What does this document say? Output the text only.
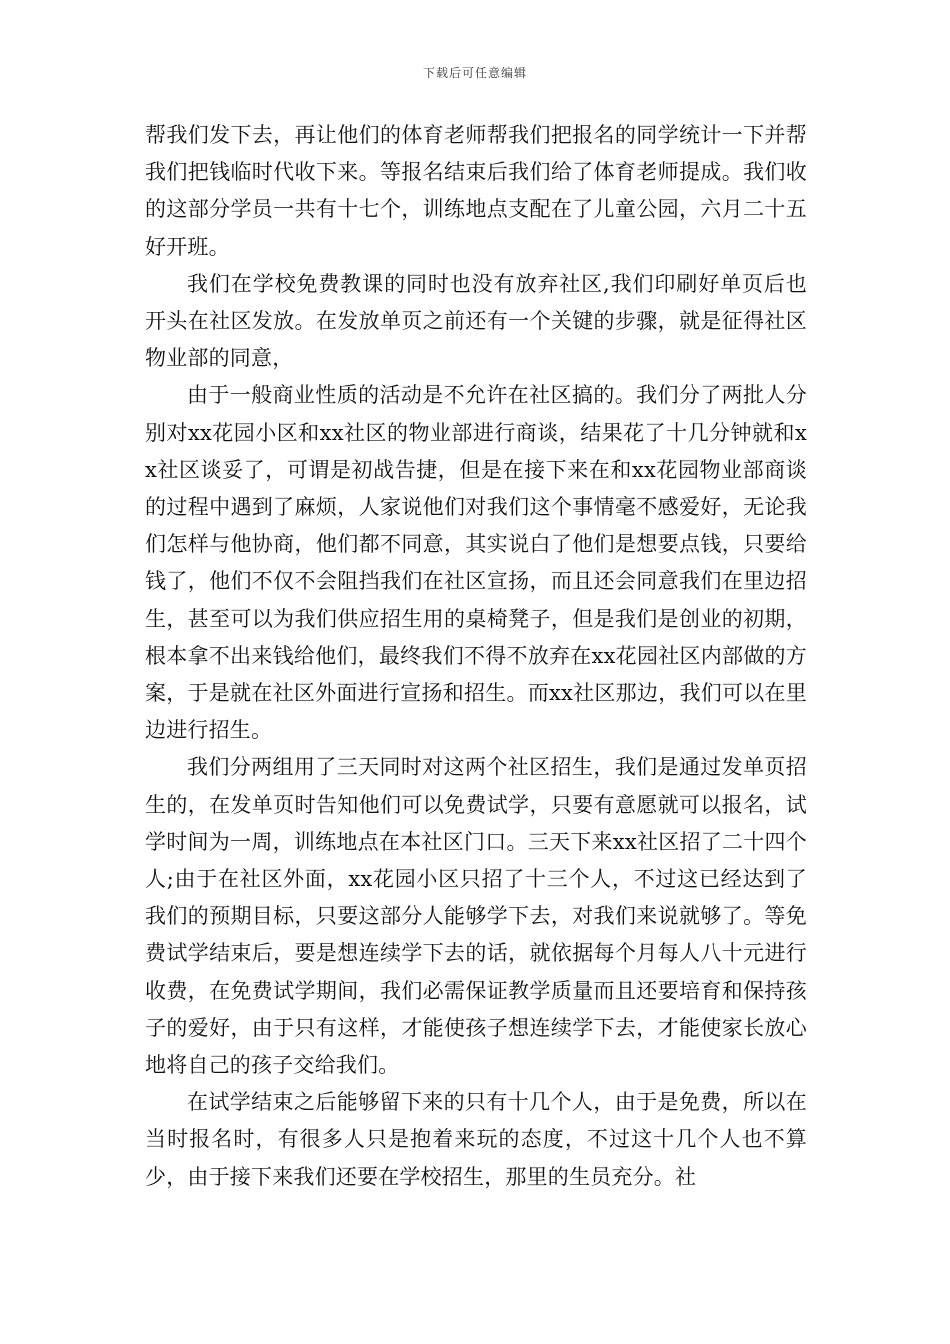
下载后可任意编辑

帮我们发下去，再让他们的体育老师帮我们把报名的同学统计一下并帮我们把钱临时代收下来。等报名结束后我们给了体育老师提成。我们收的这部分学员一共有十七个，训练地点支配在了儿童公园，六月二十五好开班。

我们在学校免费教课的同时也没有放弃社区,我们印刷好单页后也开头在社区发放。在发放单页之前还有一个关键的步骤，就是征得社区物业部的同意，

由于一般商业性质的活动是不允许在社区搞的。我们分了两批人分别对xx花园小区和xx社区的物业部进行商谈，结果花了十几分钟就和xx社区谈妥了，可谓是初战告捷，但是在接下来在和xx花园物业部商谈的过程中遇到了麻烦，人家说他们对我们这个事情毫不感爱好，无论我们怎样与他协商，他们都不同意，其实说白了他们是想要点钱，只要给钱了，他们不仅不会阻挡我们在社区宣扬，而且还会同意我们在里边招生，甚至可以为我们供应招生用的桌椅凳子，但是我们是创业的初期，根本拿不出来钱给他们，最终我们不得不放弃在xx花园社区内部做的方案，于是就在社区外面进行宣扬和招生。而xx社区那边，我们可以在里边进行招生。

我们分两组用了三天同时对这两个社区招生，我们是通过发单页招生的，在发单页时告知他们可以免费试学，只要有意愿就可以报名，试学时间为一周，训练地点在本社区门口。三天下来xx社区招了二十四个人;由于在社区外面，xx花园小区只招了十三个人，不过这已经达到了我们的预期目标，只要这部分人能够学下去，对我们来说就够了。等免费试学结束后，要是想连续学下去的话，就依据每个月每人八十元进行收费，在免费试学期间，我们必需保证教学质量而且还要培育和保持孩子的爱好，由于只有这样，才能使孩子想连续学下去，才能使家长放心地将自己的孩子交给我们。

在试学结束之后能够留下来的只有十几个人，由于是免费，所以在当时报名时，有很多人只是抱着来玩的态度，不过这十几个人也不算少，由于接下来我们还要在学校招生，那里的生员充分。社
